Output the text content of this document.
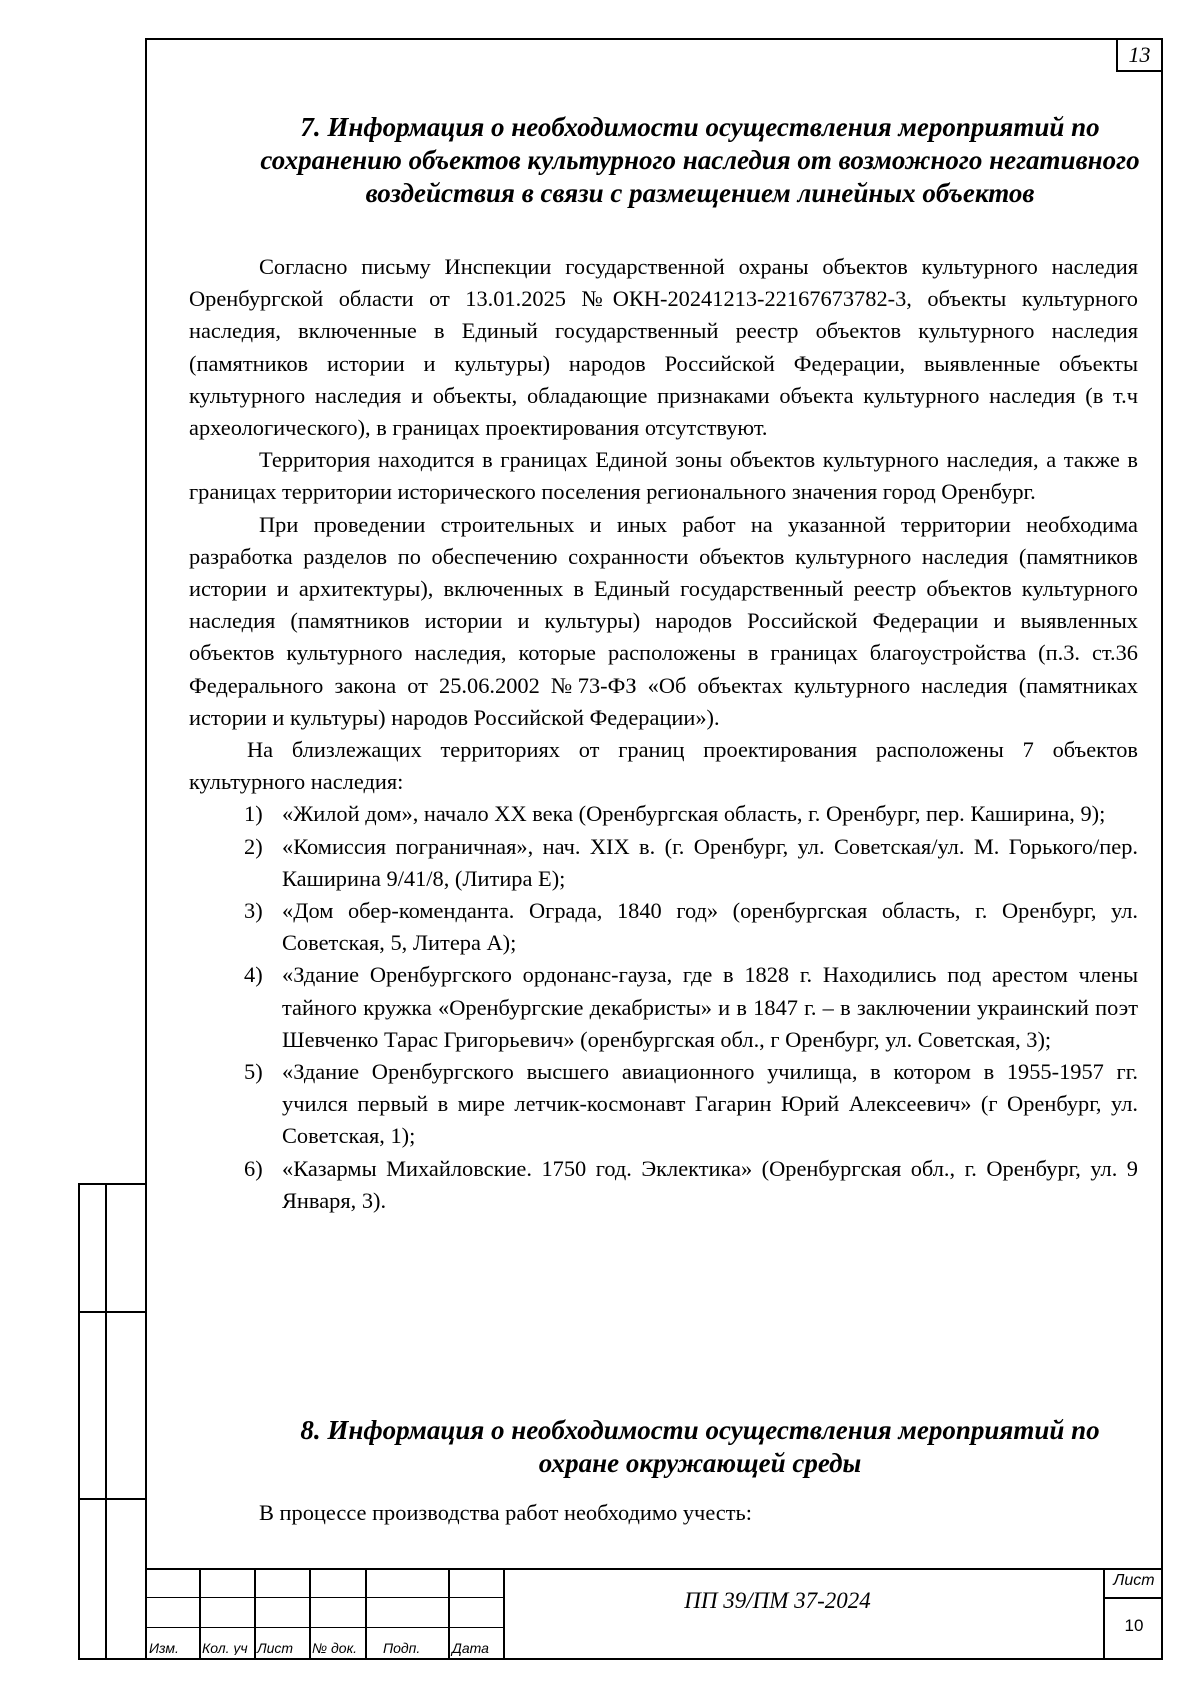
13
7. Информация о необходимости осуществления мероприятий по сохранению объектов культурного наследия от возможного негативного воздействия в связи с размещением линейных объектов

Согласно письму Инспекции государственной охраны объектов культурного наследия Оренбургской области от 13.01.2025 №ОКН-20241213-22167673782-3, объекты культурного наследия, включенные в Единый государственный реестр объектов культурного наследия (памятников истории и культуры) народов Российской Федерации, выявленные объекты культурного наследия и объекты, обладающие признаками объекта культурного наследия (в т.ч археологического), в границах проектирования отсутствуют.

Территория находится в границах Единой зоны объектов культурного наследия, а также в границах территории исторического поселения регионального значения город Оренбург.

При проведении строительных и иных работ на указанной территории необходима разработка разделов по обеспечению сохранности объектов культурного наследия (памятников истории и архитектуры), включенных в Единый государственный реестр объектов культурного наследия (памятников истории и культуры) народов Российской Федерации и выявленных объектов культурного наследия, которые расположены в границах благоустройства (п.3. ст.36 Федерального закона от 25.06.2002 №73-ФЗ «Об объектах культурного наследия (памятниках истории и культуры) народов Российской Федерации»).

На близлежащих территориях от границ проектирования расположены 7 объектов культурного наследия:

1) «Жилой дом», начало XX века (Оренбургская область, г. Оренбург, пер. Каширина, 9);
2) «Комиссия пограничная», нач. XIX в. (г. Оренбург, ул. Советская/ул. М. Горького/пер. Каширина 9/41/8, (Литира Е);
3) «Дом обер-коменданта. Ограда, 1840 год» (оренбургская область, г. Оренбург, ул. Советская, 5, Литера А);
4) «Здание Оренбургского ордонанс-гауза, где в 1828 г. Находились под арестом члены тайного кружка «Оренбургские декабристы» и в 1847 г. – в заключении украинский поэт Шевченко Тарас Григорьевич» (оренбургская обл., г Оренбург, ул. Советская, 3);
5) «Здание Оренбургского высшего авиационного училища, в котором в 1955-1957 гг. учился первый в мире летчик-космонавт Гагарин Юрий Алексеевич» (г Оренбург, ул. Советская, 1);
6) «Казармы Михайловские. 1750 год. Эклектика» (Оренбургская обл., г. Оренбург, ул. 9 Января, 3).
8. Информация о необходимости осуществления мероприятий по охране окружающей среды

В процессе производства работ необходимо учесть:

Изм. Кол. уч Лист № док. Подп. Дата
ПП 39/ПМ 37-2024
Лист
10
